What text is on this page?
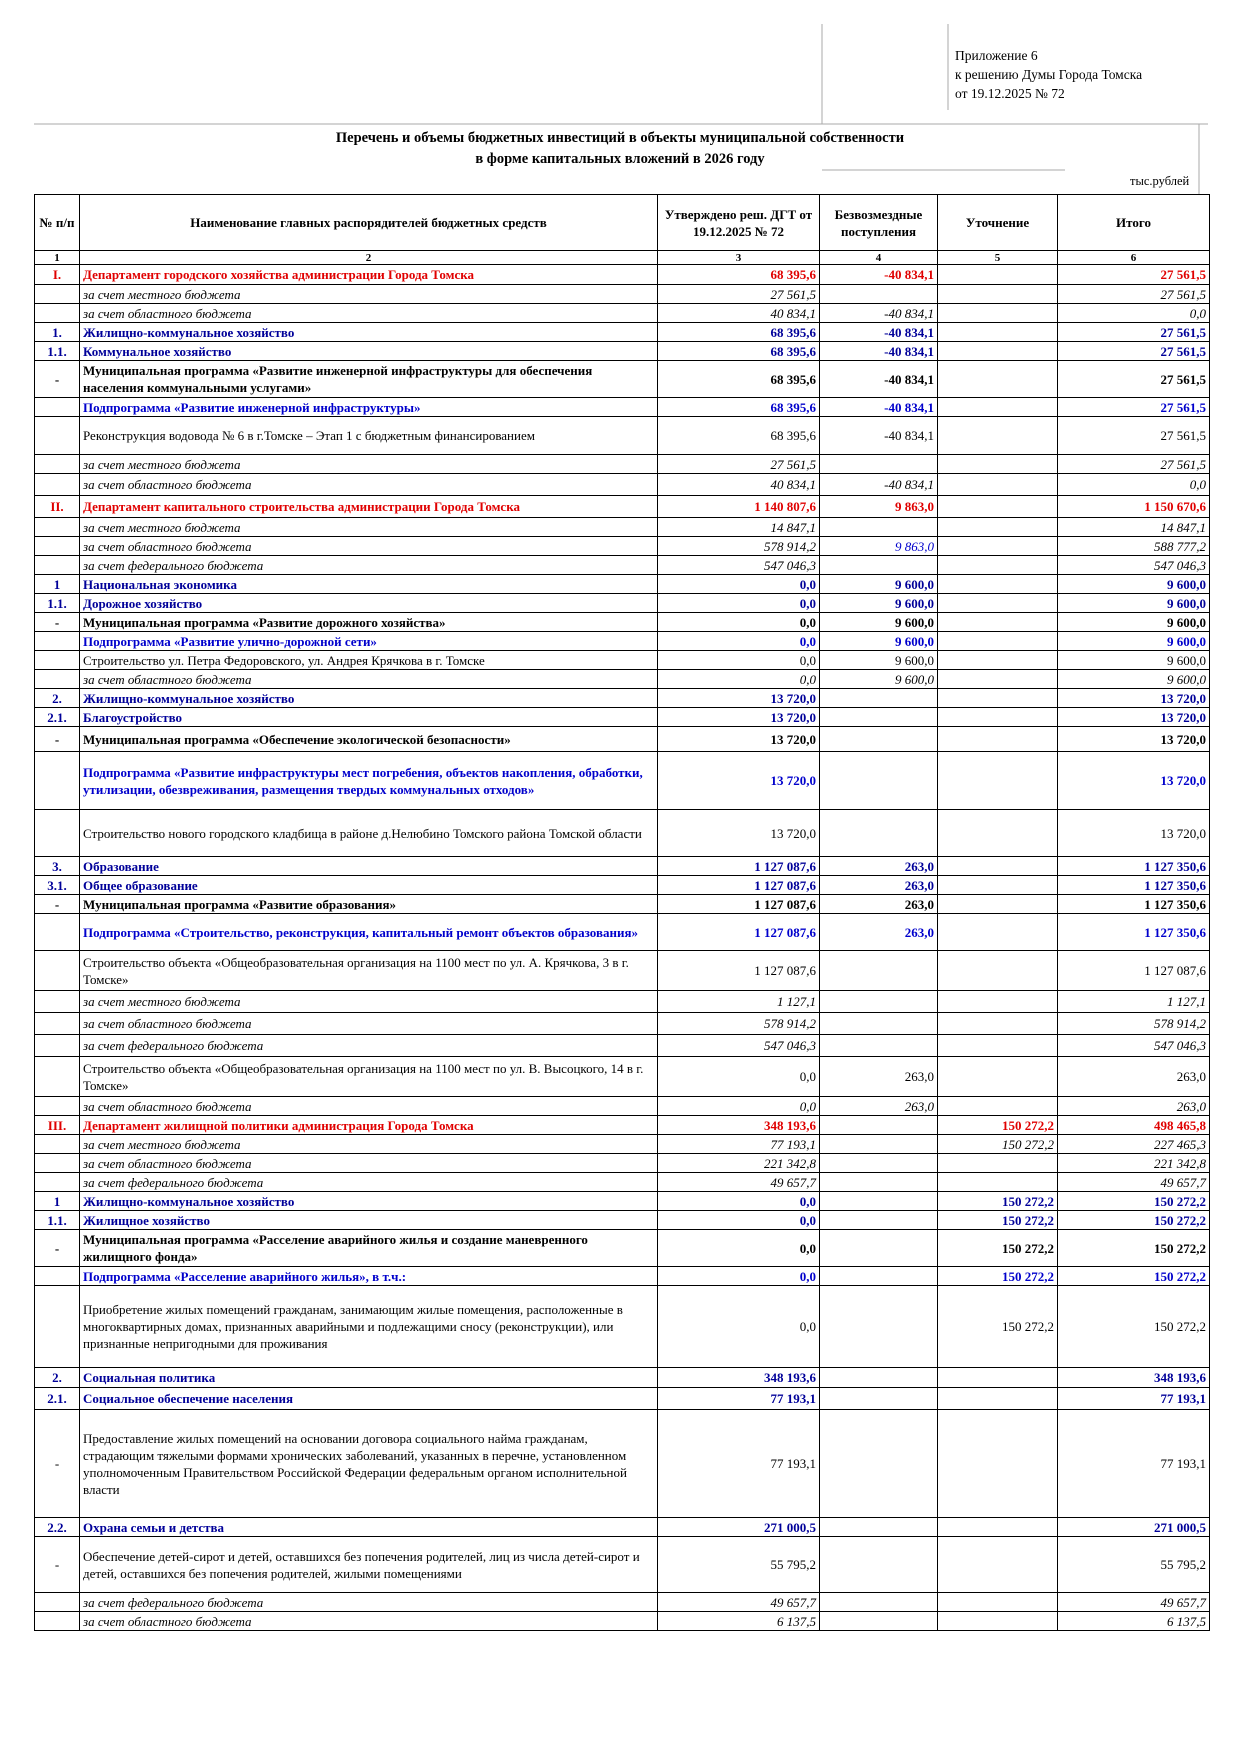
Приложение 6
к решению Думы Города Томска
от 19.12.2025 № 72
Перечень и объемы бюджетных инвестиций в объекты муниципальной собственности
в форме капитальных вложений в 2026 году
тыс.рублей
№ п/п	Наименование главных распорядителей бюджетных средств	Утверждено реш. ДГТ от 19.12.2025 № 72	Безвозмездные поступления	Уточнение	Итого
1	2	3	4	5	6
I.	Департамент городского хозяйства администрации Города Томска	68 395,6	-40 834,1		27 561,5
	за счет местного бюджета	27 561,5			27 561,5
	за счет областного бюджета	40 834,1	-40 834,1		0,0
1.	Жилищно-коммунальное хозяйство	68 395,6	-40 834,1		27 561,5
1.1.	Коммунальное хозяйство	68 395,6	-40 834,1		27 561,5
-	Муниципальная программа «Развитие инженерной инфраструктуры для обеспечения населения коммунальными услугами»	68 395,6	-40 834,1		27 561,5
	Подпрограмма «Развитие инженерной инфраструктуры»	68 395,6	-40 834,1		27 561,5
	Реконструкция водовода № 6 в г.Томске – Этап 1 с бюджетным финансированием	68 395,6	-40 834,1		27 561,5
	за счет местного бюджета	27 561,5			27 561,5
	за счет областного бюджета	40 834,1	-40 834,1		0,0
II.	Департамент капитального строительства администрации Города Томска	1 140 807,6	9 863,0		1 150 670,6
	за счет местного бюджета	14 847,1			14 847,1
	за счет областного бюджета	578 914,2	9 863,0		588 777,2
	за счет федерального бюджета	547 046,3			547 046,3
1	Национальная экономика	0,0	9 600,0		9 600,0
1.1.	Дорожное хозяйство	0,0	9 600,0		9 600,0
-	Муниципальная программа «Развитие дорожного хозяйства»	0,0	9 600,0		9 600,0
	Подпрограмма «Развитие улично-дорожной сети»	0,0	9 600,0		9 600,0
	Строительство ул. Петра Федоровского, ул. Андрея Крячкова в г. Томске	0,0	9 600,0		9 600,0
	за счет областного бюджета	0,0	9 600,0		9 600,0
2.	Жилищно-коммунальное хозяйство	13 720,0			13 720,0
2.1.	Благоустройство	13 720,0			13 720,0
-	Муниципальная программа «Обеспечение экологической безопасности»	13 720,0			13 720,0
	Подпрограмма «Развитие инфраструктуры мест погребения, объектов накопления, обработки, утилизации, обезвреживания, размещения твердых коммунальных отходов»	13 720,0			13 720,0
	Строительство нового городского кладбища в районе д.Нелюбино Томского района Томской области	13 720,0			13 720,0
3.	Образование	1 127 087,6	263,0		1 127 350,6
3.1.	Общее образование	1 127 087,6	263,0		1 127 350,6
-	Муниципальная программа «Развитие образования»	1 127 087,6	263,0		1 127 350,6
	Подпрограмма «Строительство, реконструкция, капитальный ремонт объектов образования»	1 127 087,6	263,0		1 127 350,6
	Строительство объекта «Общеобразовательная организация на 1100 мест по ул. А. Крячкова, 3 в г. Томске»	1 127 087,6			1 127 087,6
	за счет местного бюджета	1 127,1			1 127,1
	за счет областного бюджета	578 914,2			578 914,2
	за счет федерального бюджета	547 046,3			547 046,3
	Строительство объекта «Общеобразовательная организация на 1100 мест по ул. В. Высоцкого, 14 в г. Томске»	0,0	263,0		263,0
	за счет областного бюджета	0,0	263,0		263,0
III.	Департамент жилищной политики администрация Города Томска	348 193,6		150 272,2	498 465,8
	за счет местного бюджета	77 193,1		150 272,2	227 465,3
	за счет областного бюджета	221 342,8			221 342,8
	за счет федерального бюджета	49 657,7			49 657,7
1	Жилищно-коммунальное хозяйство	0,0		150 272,2	150 272,2
1.1.	Жилищное хозяйство	0,0		150 272,2	150 272,2
-	Муниципальная программа «Расселение аварийного жилья и создание маневренного жилищного фонда»	0,0		150 272,2	150 272,2
	Подпрограмма «Расселение аварийного жилья», в т.ч.:	0,0		150 272,2	150 272,2
	Приобретение жилых помещений гражданам, занимающим жилые помещения, расположенные в многоквартирных домах, признанных аварийными и подлежащими сносу (реконструкции), или признанные непригодными для проживания	0,0		150 272,2	150 272,2
2.	Социальная политика	348 193,6			348 193,6
2.1.	Социальное обеспечение населения	77 193,1			77 193,1
-	Предоставление жилых помещений на основании договора социального найма гражданам, страдающим тяжелыми формами хронических заболеваний, указанных в перечне, установленном уполномоченным Правительством Российской Федерации федеральным органом исполнительной власти	77 193,1			77 193,1
2.2.	Охрана семьи и детства	271 000,5			271 000,5
-	Обеспечение детей-сирот и детей, оставшихся без попечения родителей, лиц из числа детей-сирот и детей, оставшихся без попечения родителей, жилыми помещениями	55 795,2			55 795,2
	за счет федерального бюджета	49 657,7			49 657,7
	за счет областного бюджета	6 137,5			6 137,5
